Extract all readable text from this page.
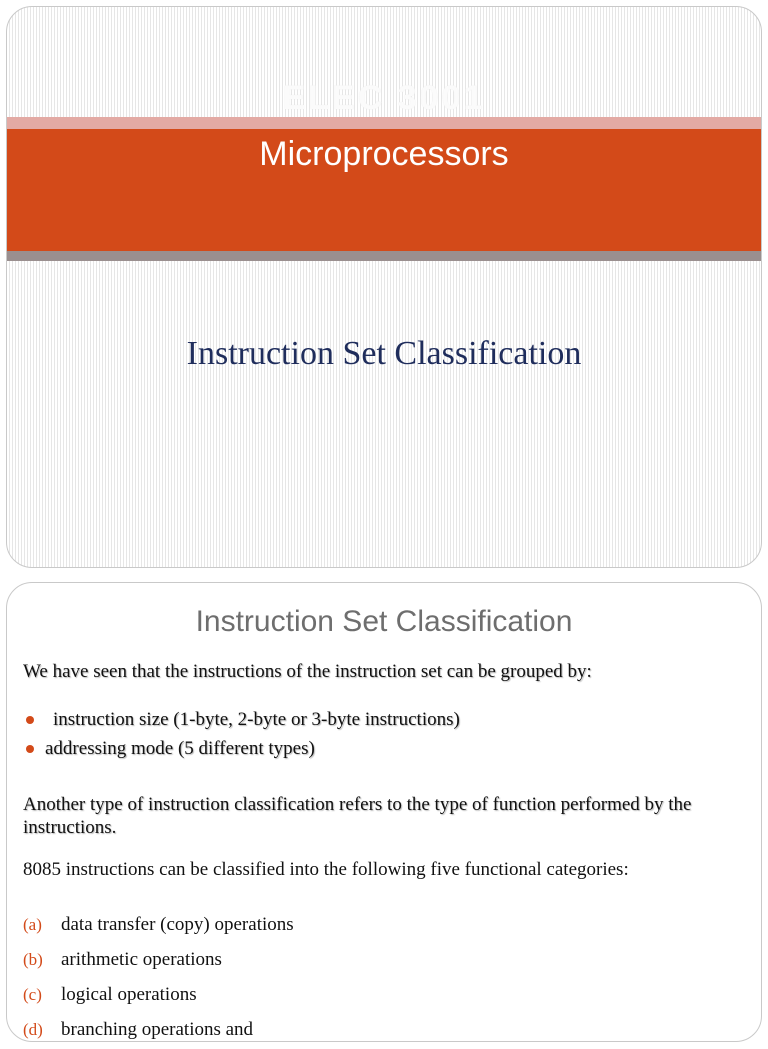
ELEC 3001
Microprocessors
Instruction Set Classification
Instruction Set Classification
We have seen that the instructions of the instruction set can be grouped by:
instruction size (1-byte, 2-byte or 3-byte instructions)
addressing mode (5 different types)
Another type of instruction classification refers to the type of function performed by the instructions.
8085 instructions can be classified into the following five functional categories:
(a) data transfer (copy) operations
(b) arithmetic operations
(c) logical operations
(d) branching operations and
